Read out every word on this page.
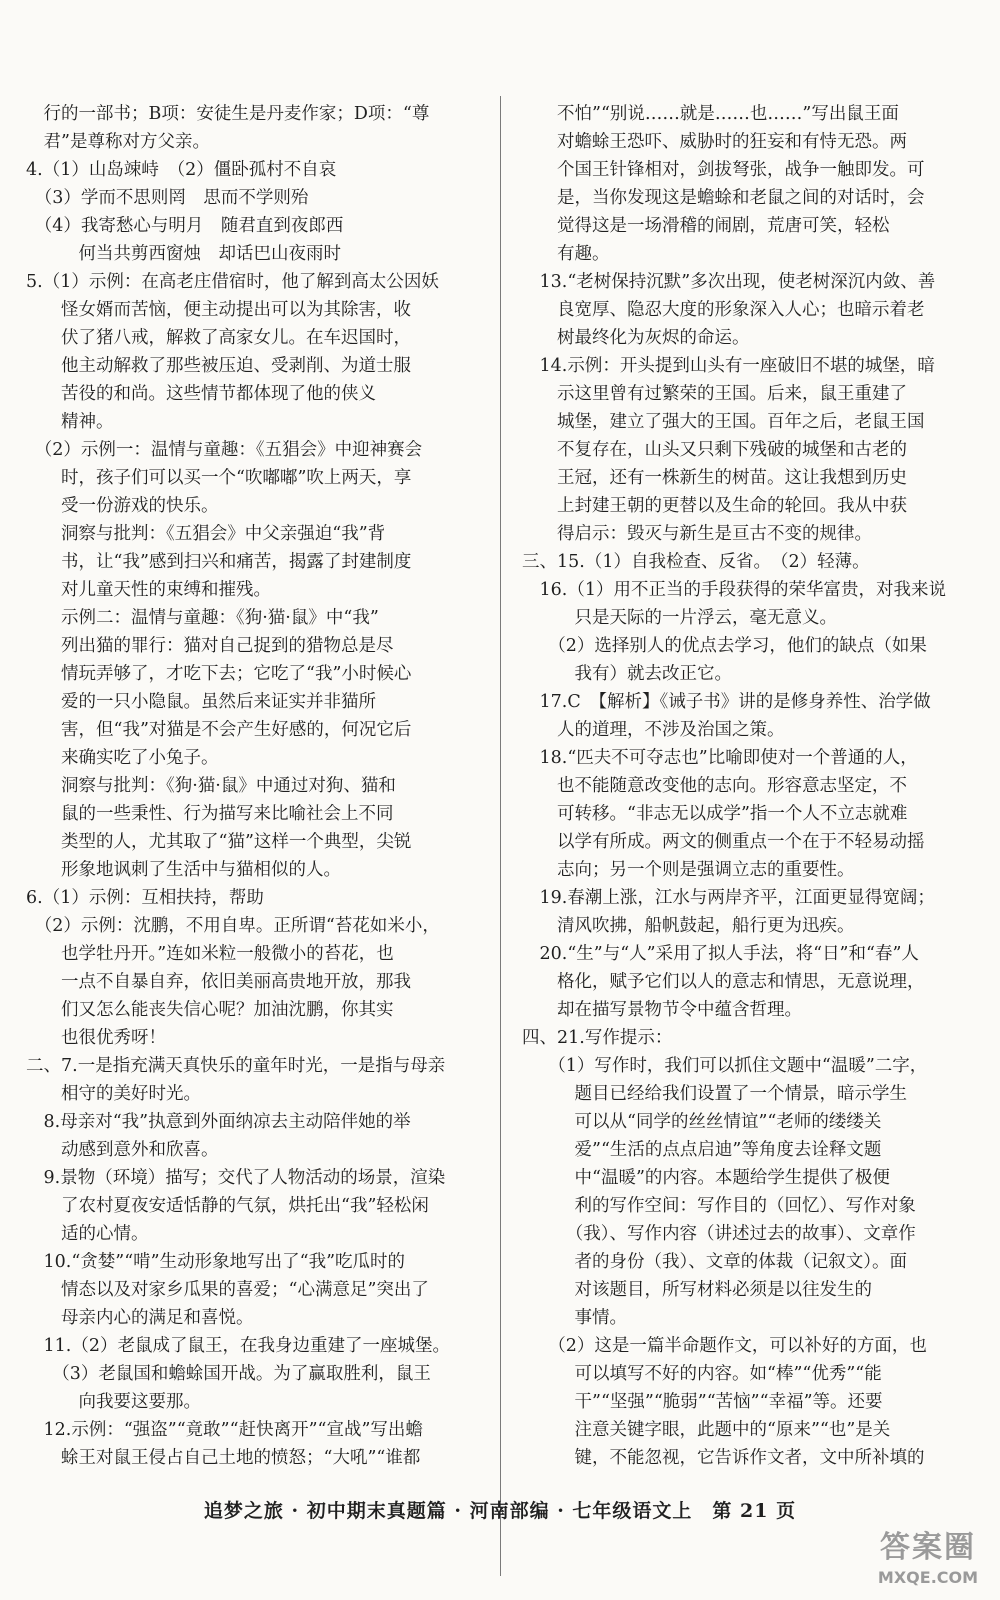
　行的一部书；B项：安徒生是丹麦作家；D项：“尊
　君”是尊称对方父亲。
4.（1）山岛竦峙　（2）僵卧孤村不自哀
　（3）学而不思则罔　思而不学则殆
　（4）我寄愁心与明月　随君直到夜郎西
　　　何当共剪西窗烛　却话巴山夜雨时
5.（1）示例：在高老庄借宿时，他了解到高太公因妖
　　怪女婿而苦恼，便主动提出可以为其除害，收
　　伏了猪八戒，解救了高家女儿。在车迟国时，
　　他主动解救了那些被压迫、受剥削、为道士服
　　苦役的和尚。这些情节都体现了他的侠义
　　精神。
　（2）示例一：温情与童趣：《五猖会》中迎神赛会
　　时，孩子们可以买一个“吹嘟嘟”吹上两天，享
　　受一份游戏的快乐。
　　洞察与批判：《五猖会》中父亲强迫“我”背
　　书，让“我”感到扫兴和痛苦，揭露了封建制度
　　对儿童天性的束缚和摧残。
　　示例二：温情与童趣：《狗·猫·鼠》中“我”
　　列出猫的罪行：猫对自己捉到的猎物总是尽
　　情玩弄够了，才吃下去；它吃了“我”小时候心
　　爱的一只小隐鼠。虽然后来证实并非猫所
　　害，但“我”对猫是不会产生好感的，何况它后
　　来确实吃了小兔子。
　　洞察与批判：《狗·猫·鼠》中通过对狗、猫和
　　鼠的一些秉性、行为描写来比喻社会上不同
　　类型的人，尤其取了“猫”这样一个典型，尖锐
　　形象地讽刺了生活中与猫相似的人。
6.（1）示例：互相扶持，帮助
　（2）示例：沈鹏，不用自卑。正所谓“苔花如米小，
　　也学牡丹开。”连如米粒一般微小的苔花，也
　　一点不自暴自弃，依旧美丽高贵地开放，那我
　　们又怎么能丧失信心呢？加油沈鹏，你其实
　　也很优秀呀！
二、7.一是指充满天真快乐的童年时光，一是指与母亲
　　相守的美好时光。
　8.母亲对“我”执意到外面纳凉去主动陪伴她的举
　　动感到意外和欣喜。
　9.景物（环境）描写；交代了人物活动的场景，渲染
　　了农村夏夜安适恬静的气氛，烘托出“我”轻松闲
　　适的心情。
　10.“贪婪”“啃”生动形象地写出了“我”吃瓜时的
　　情态以及对家乡瓜果的喜爱；“心满意足”突出了
　　母亲内心的满足和喜悦。
　11.（2）老鼠成了鼠王，在我身边重建了一座城堡。
　　（3）老鼠国和蟾蜍国开战。为了赢取胜利，鼠王
　　　向我要这要那。
　12.示例：“强盗”“竟敢”“赶快离开”“宣战”写出蟾
　　蜍王对鼠王侵占自己土地的愤怒；“大吼”“谁都
　　不怕”“别说……就是……也……”写出鼠王面
　　对蟾蜍王恐吓、威胁时的狂妄和有恃无恐。两
　　个国王针锋相对，剑拔弩张，战争一触即发。可
　　是，当你发现这是蟾蜍和老鼠之间的对话时，会
　　觉得这是一场滑稽的闹剧，荒唐可笑，轻松
　　有趣。
　13.“老树保持沉默”多次出现，使老树深沉内敛、善
　　良宽厚、隐忍大度的形象深入人心；也暗示着老
　　树最终化为灰烬的命运。
　14.示例：开头提到山头有一座破旧不堪的城堡，暗
　　示这里曾有过繁荣的王国。后来，鼠王重建了
　　城堡，建立了强大的王国。百年之后，老鼠王国
　　不复存在，山头又只剩下残破的城堡和古老的
　　王冠，还有一株新生的树苗。这让我想到历史
　　上封建王朝的更替以及生命的轮回。我从中获
　　得启示：毁灭与新生是亘古不变的规律。
三、15.（1）自我检查、反省。　（2）轻薄。
　16.（1）用不正当的手段获得的荣华富贵，对我来说
　　　只是天际的一片浮云，毫无意义。
　　（2）选择别人的优点去学习，他们的缺点（如果
　　　我有）就去改正它。
　17.C　【解析】《诫子书》讲的是修身养性、治学做
　　人的道理，不涉及治国之策。
　18.“匹夫不可夺志也”比喻即使对一个普通的人，
　　也不能随意改变他的志向。形容意志坚定，不
　　可转移。“非志无以成学”指一个人不立志就难
　　以学有所成。两文的侧重点一个在于不轻易动摇
　　志向；另一个则是强调立志的重要性。
　19.春潮上涨，江水与两岸齐平，江面更显得宽阔；
　　清风吹拂，船帆鼓起，船行更为迅疾。
　20.“生”与“人”采用了拟人手法，将“日”和“春”人
　　格化，赋予它们以人的意志和情思，无意说理，
　　却在描写景物节令中蕴含哲理。
四、21.写作提示：
　　（1）写作时，我们可以抓住文题中“温暖”二字，
　　　题目已经给我们设置了一个情景，暗示学生
　　　可以从“同学的丝丝情谊”“老师的缕缕关
　　　爱”“生活的点点启迪”等角度去诠释文题
　　　中“温暖”的内容。本题给学生提供了极便
　　　利的写作空间：写作目的（回忆）、写作对象
　　　（我）、写作内容（讲述过去的故事）、文章作
　　　者的身份（我）、文章的体裁（记叙文）。面
　　　对该题目，所写材料必须是以往发生的
　　　事情。
　　（2）这是一篇半命题作文，可以补好的方面，也
　　　可以填写不好的内容。如“棒”“优秀”“能
　　　干”“坚强”“脆弱”“苦恼”“幸福”等。还要
　　　注意关键字眼，此题中的“原来”“也”是关
　　　键，不能忽视，它告诉作文者，文中所补填的
追梦之旅 · 初中期末真题篇 · 河南部编 · 七年级语文上　第 21 页
答案圈
MXQE.COM
